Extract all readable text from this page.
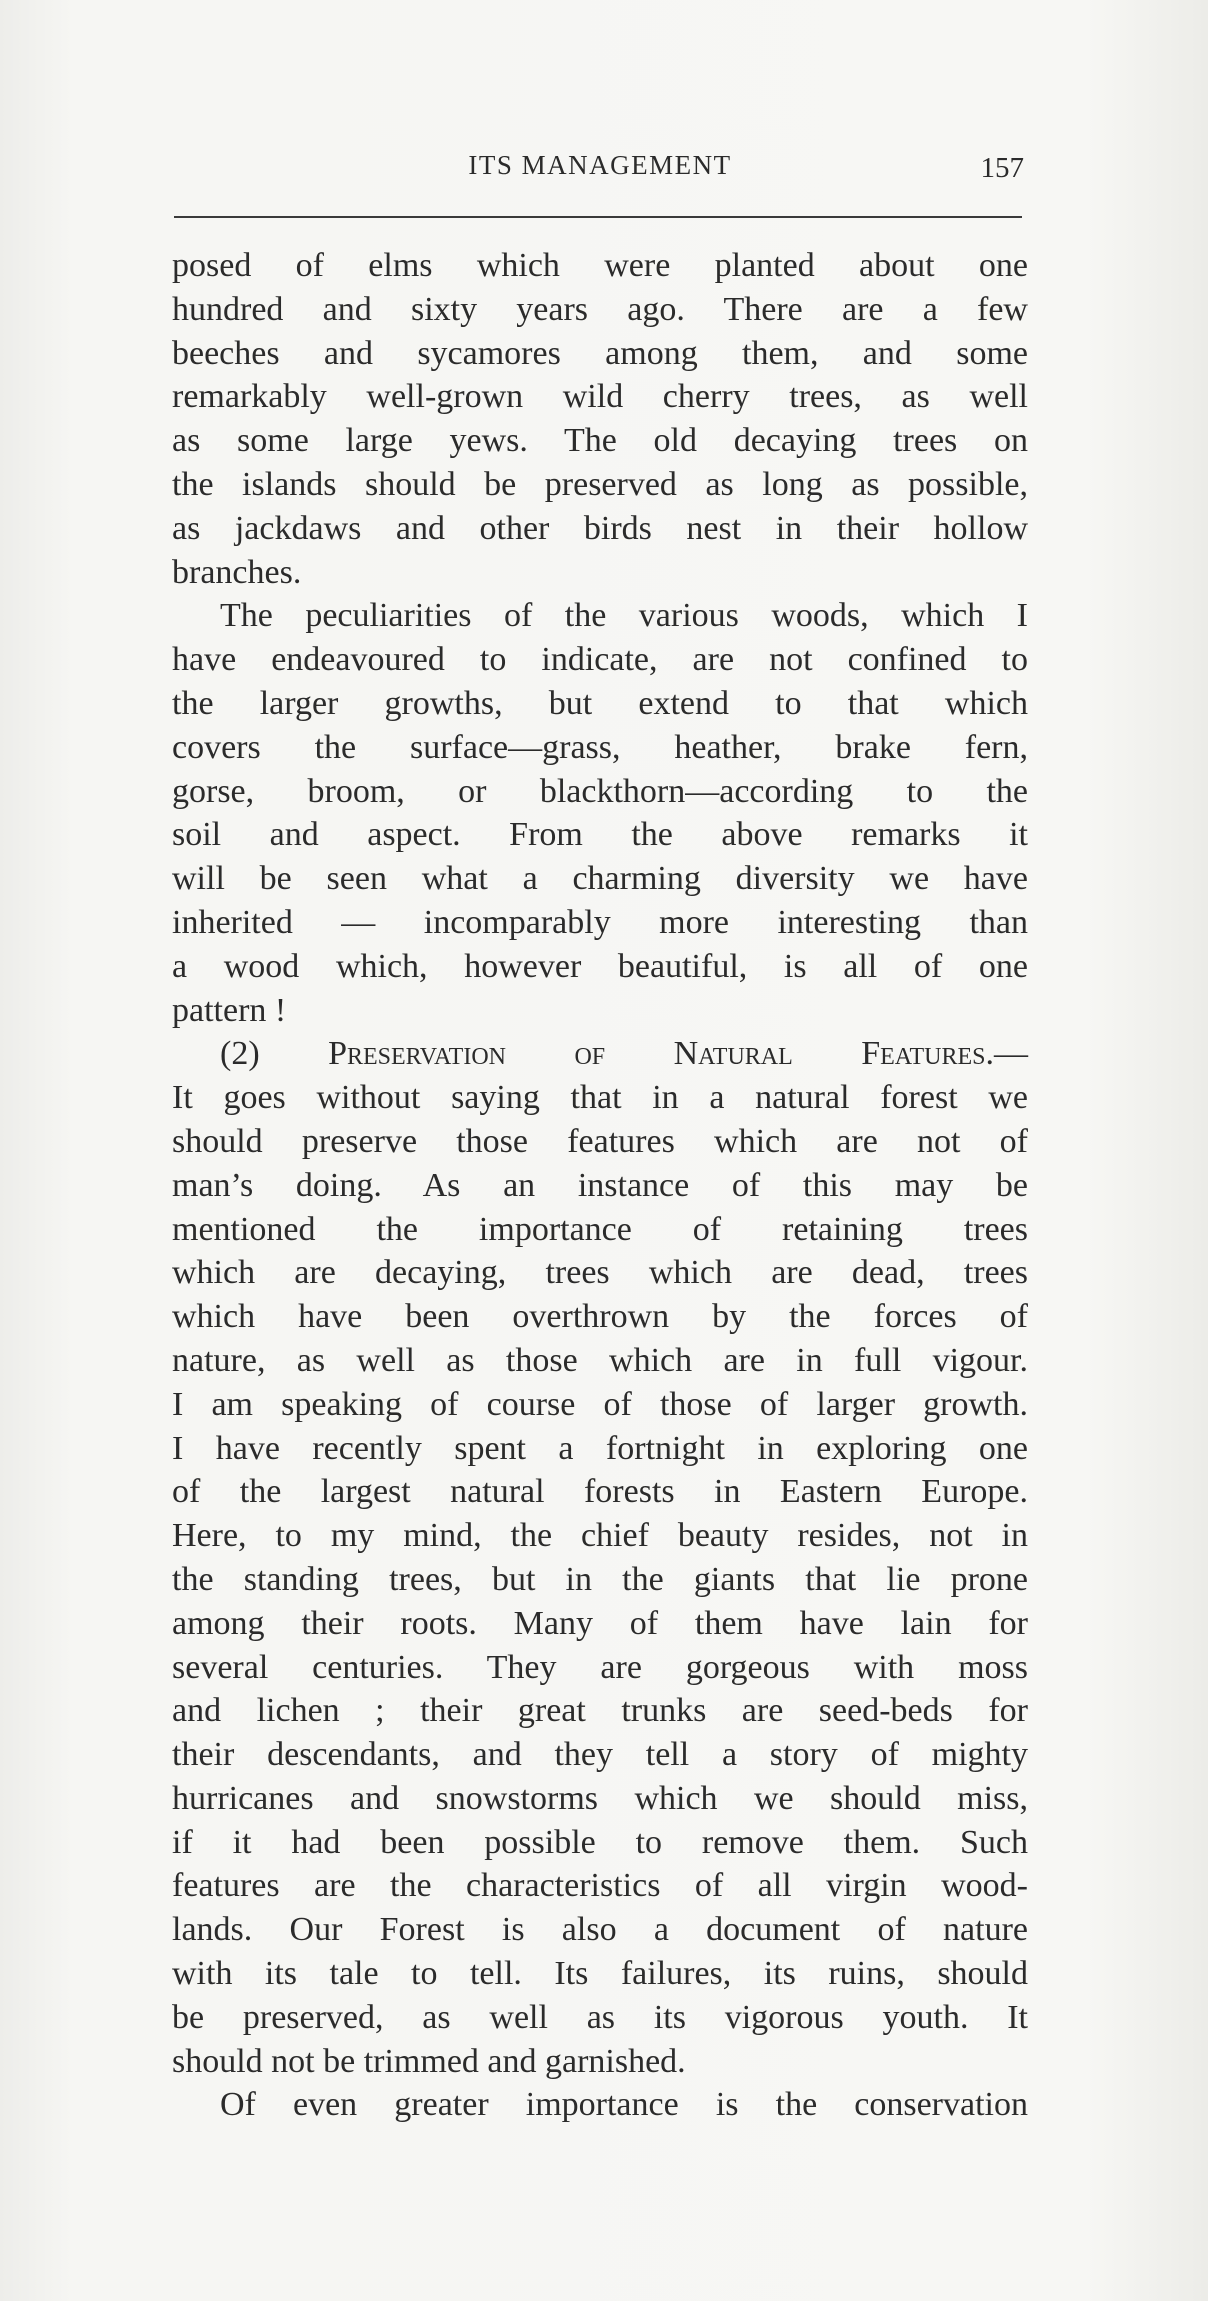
ITS MANAGEMENT	157
posed of elms which were planted about one
hundred and sixty years ago. There are a few
beeches and sycamores among them, and some
remarkably well-grown wild cherry trees, as well
as some large yews. The old decaying trees on
the islands should be preserved as long as possible,
as jackdaws and other birds nest in their hollow
branches.
The peculiarities of the various woods, which I
have endeavoured to indicate, are not confined to
the larger growths, but extend to that which
covers the surface—grass, heather, brake fern,
gorse, broom, or blackthorn—according to the
soil and aspect. From the above remarks it
will be seen what a charming diversity we have
inherited — incomparably more interesting than
a wood which, however beautiful, is all of one
pattern !
(2) Preservation of Natural Features.—
It goes without saying that in a natural forest we
should preserve those features which are not of
man’s doing. As an instance of this may be
mentioned the importance of retaining trees
which are decaying, trees which are dead, trees
which have been overthrown by the forces of
nature, as well as those which are in full vigour.
I am speaking of course of those of larger growth.
I have recently spent a fortnight in exploring one
of the largest natural forests in Eastern Europe.
Here, to my mind, the chief beauty resides, not in
the standing trees, but in the giants that lie prone
among their roots. Many of them have lain for
several centuries. They are gorgeous with moss
and lichen ; their great trunks are seed-beds for
their descendants, and they tell a story of mighty
hurricanes and snowstorms which we should miss,
if it had been possible to remove them. Such
features are the characteristics of all virgin wood-
lands. Our Forest is also a document of nature
with its tale to tell. Its failures, its ruins, should
be preserved, as well as its vigorous youth. It
should not be trimmed and garnished.
Of even greater importance is the conservation
